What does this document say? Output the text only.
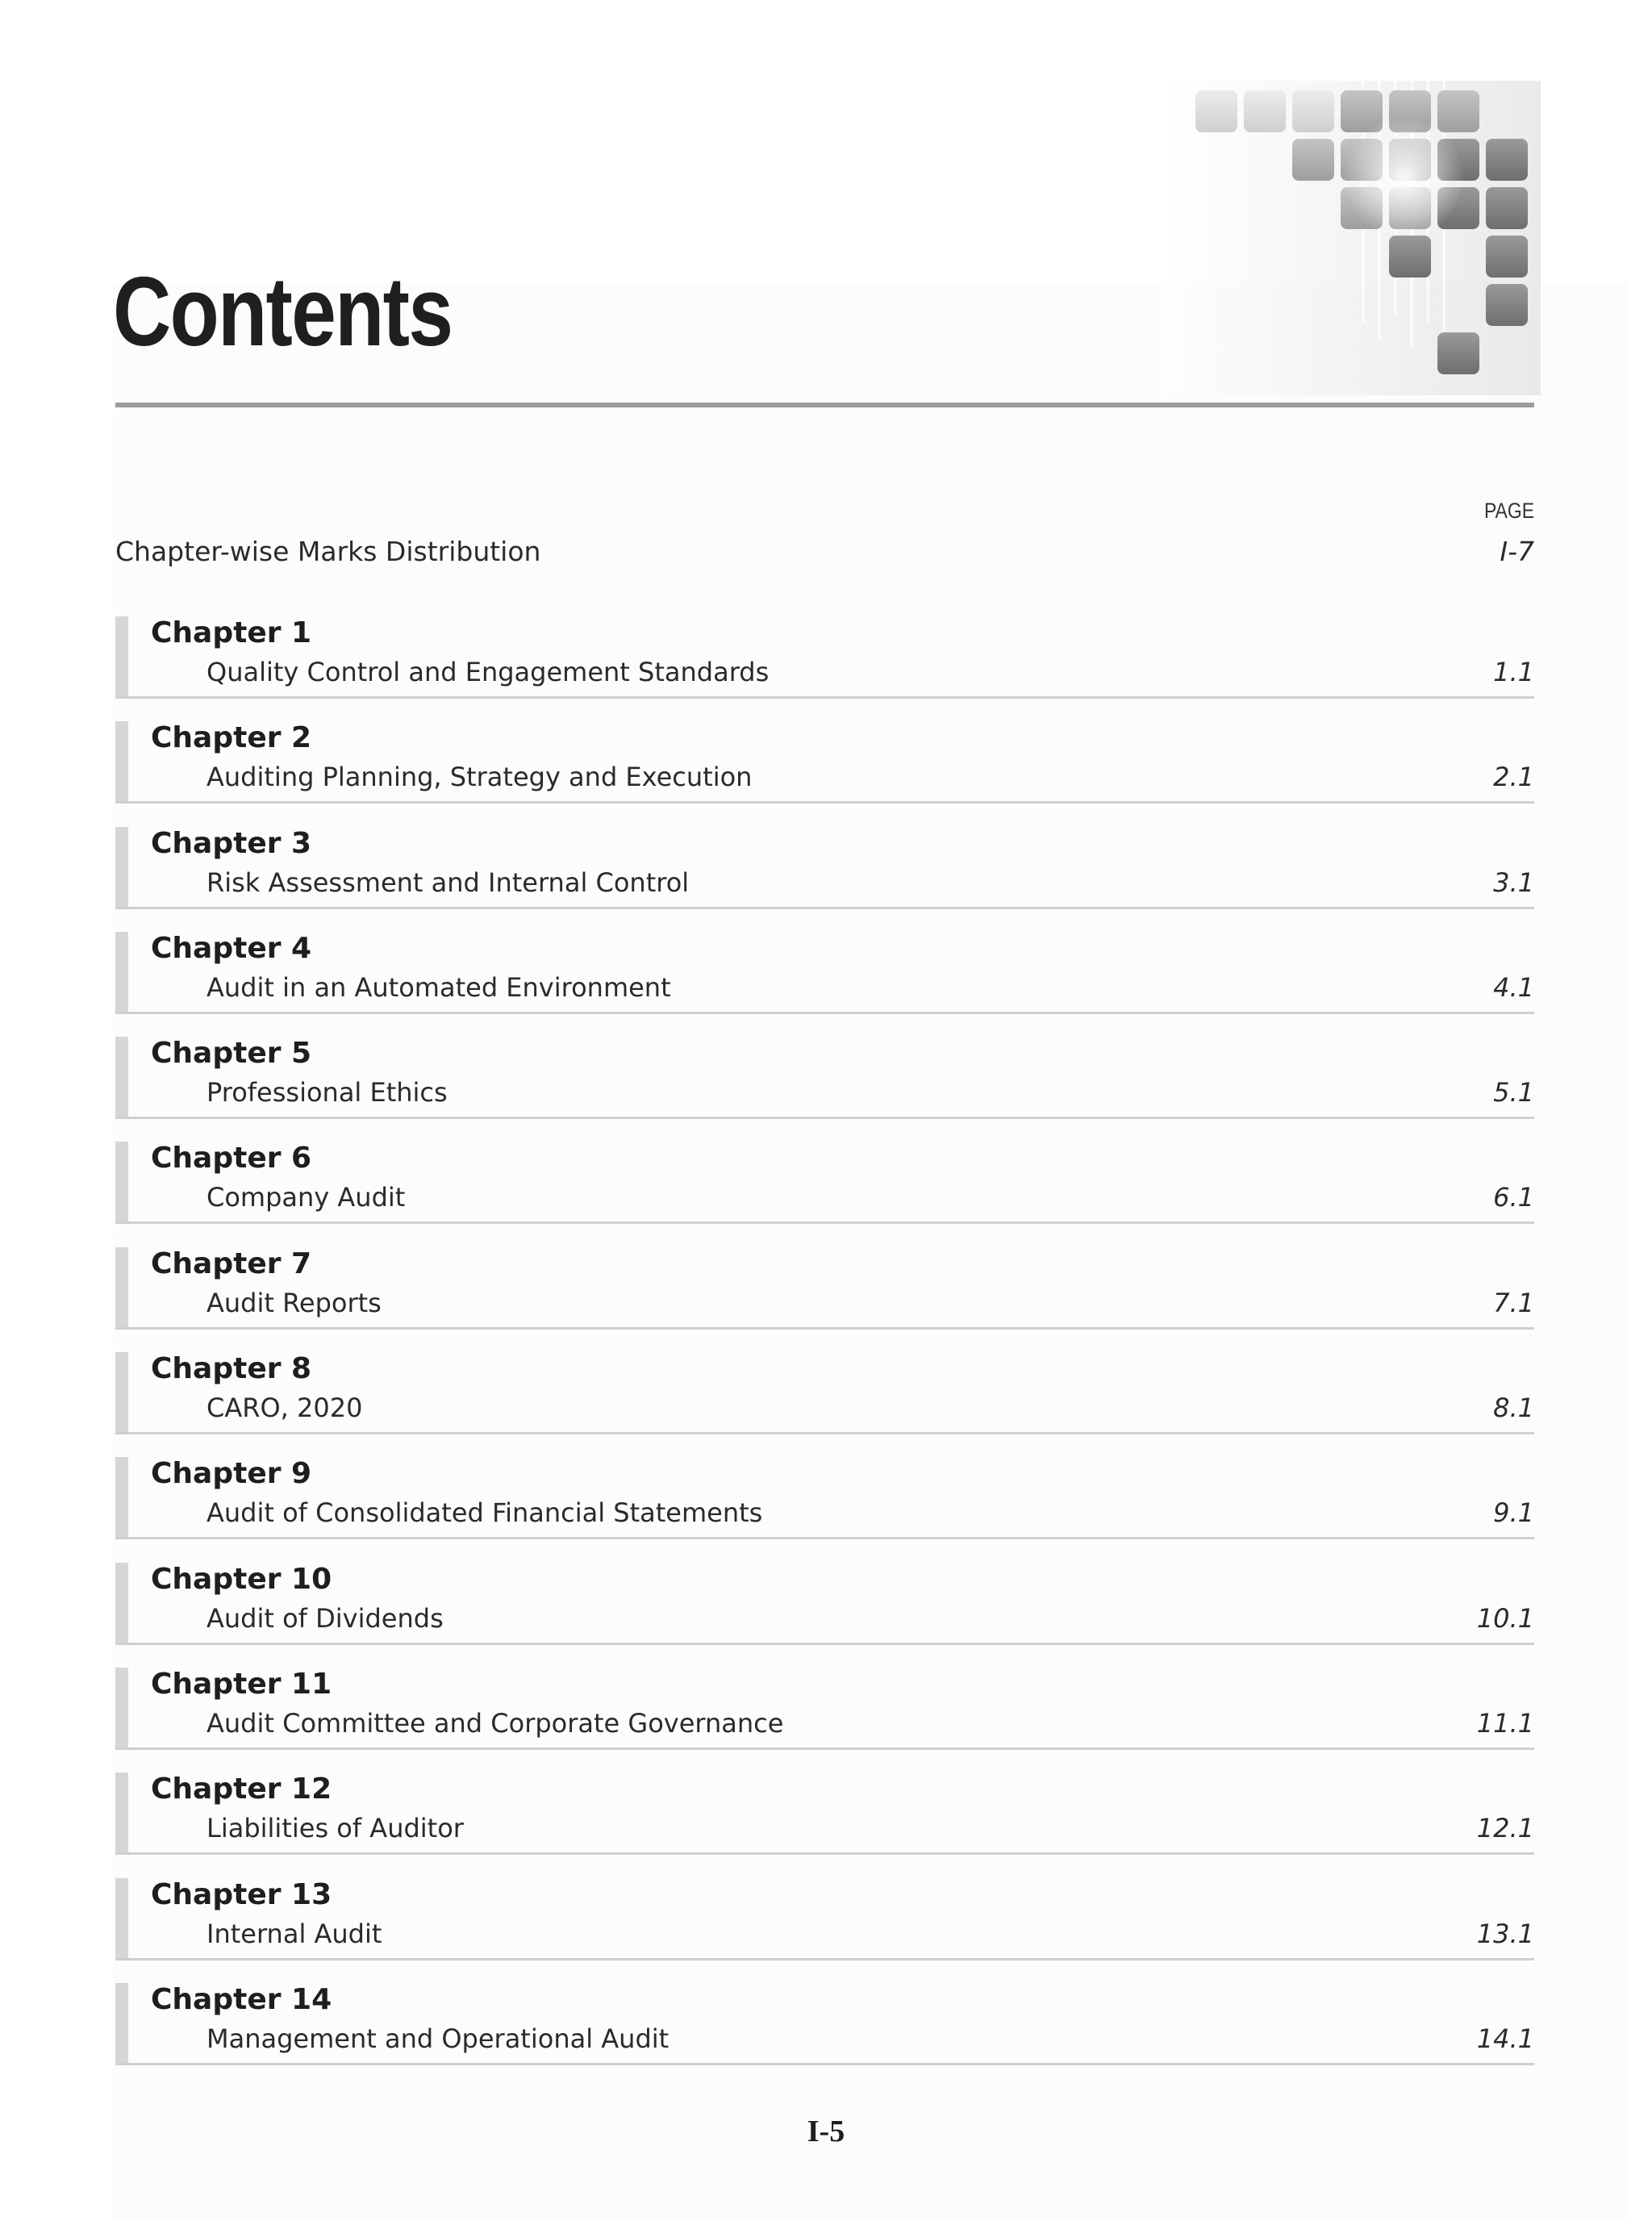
Contents
PAGE
Chapter-wise Marks Distribution	I-7
Chapter 1
Quality Control and Engagement Standards	1.1
Chapter 2
Auditing Planning, Strategy and Execution	2.1
Chapter 3
Risk Assessment and Internal Control	3.1
Chapter 4
Audit in an Automated Environment	4.1
Chapter 5
Professional Ethics	5.1
Chapter 6
Company Audit	6.1
Chapter 7
Audit Reports	7.1
Chapter 8
CARO, 2020	8.1
Chapter 9
Audit of Consolidated Financial Statements	9.1
Chapter 10
Audit of Dividends	10.1
Chapter 11
Audit Committee and Corporate Governance	11.1
Chapter 12
Liabilities of Auditor	12.1
Chapter 13
Internal Audit	13.1
Chapter 14
Management and Operational Audit	14.1
I-5
